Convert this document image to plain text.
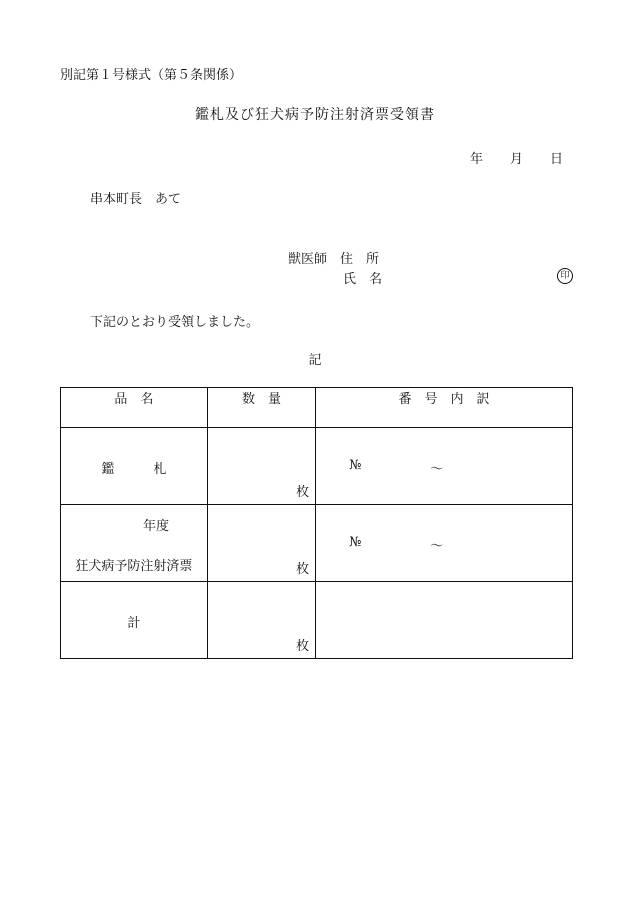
別記第１号様式（第５条関係）
鑑札及び狂犬病予防注射済票受領書
年 月 日
串本町長　あて
獣医師　 住　所
氏　名	印
下記のとおり受領しました。
記
品　名	数　量	番　号　内　訳

鑑　　　札	枚	№ ～

年度
狂犬病予防注射済票	枚	№ ～

計	枚	
